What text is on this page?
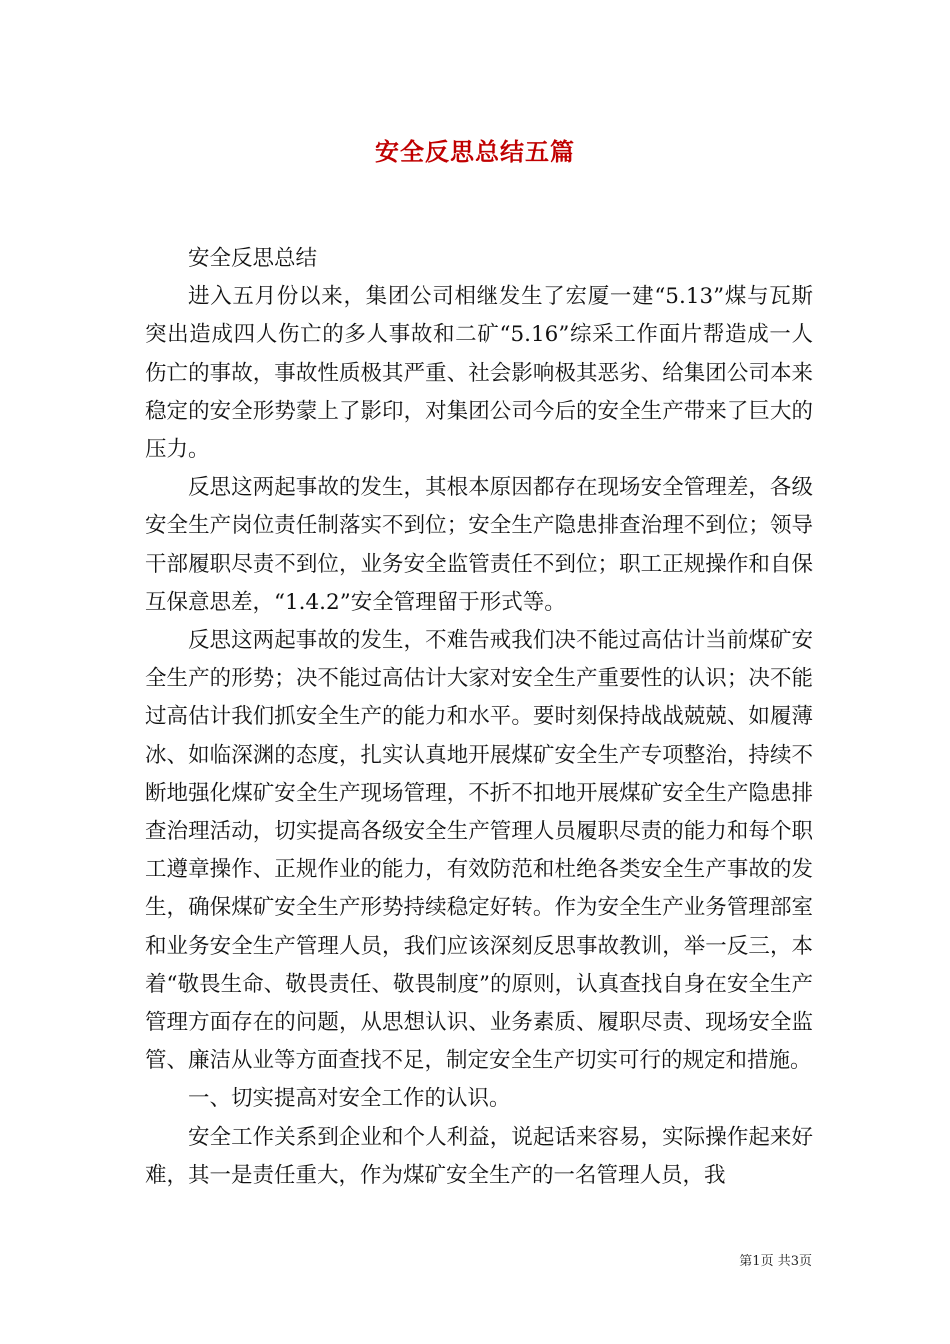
安全反思总结五篇

安全反思总结

进入五月份以来，集团公司相继发生了宏厦一建“5.13”煤与瓦斯突出造成四人伤亡的多人事故和二矿“5.16”综采工作面片帮造成一人伤亡的事故，事故性质极其严重、社会影响极其恶劣、给集团公司本来稳定的安全形势蒙上了影印，对集团公司今后的安全生产带来了巨大的压力。

反思这两起事故的发生，其根本原因都存在现场安全管理差，各级安全生产岗位责任制落实不到位；安全生产隐患排查治理不到位；领导干部履职尽责不到位，业务安全监管责任不到位；职工正规操作和自保互保意思差，“1.4.2”安全管理留于形式等。

反思这两起事故的发生，不难告戒我们决不能过高估计当前煤矿安全生产的形势；决不能过高估计大家对安全生产重要性的认识；决不能过高估计我们抓安全生产的能力和水平。要时刻保持战战兢兢、如履薄冰、如临深渊的态度，扎实认真地开展煤矿安全生产专项整治，持续不断地强化煤矿安全生产现场管理，不折不扣地开展煤矿安全生产隐患排查治理活动，切实提高各级安全生产管理人员履职尽责的能力和每个职工遵章操作、正规作业的能力，有效防范和杜绝各类安全生产事故的发生，确保煤矿安全生产形势持续稳定好转。作为安全生产业务管理部室和业务安全生产管理人员，我们应该深刻反思事故教训，举一反三，本着“敬畏生命、敬畏责任、敬畏制度”的原则，认真查找自身在安全生产管理方面存在的问题，从思想认识、业务素质、履职尽责、现场安全监管、廉洁从业等方面查找不足，制定安全生产切实可行的规定和措施。

一、切实提高对安全工作的认识。

安全工作关系到企业和个人利益，说起话来容易，实际操作起来好难，其一是责任重大，作为煤矿安全生产的一名管理人员，我

第1页 共3页
